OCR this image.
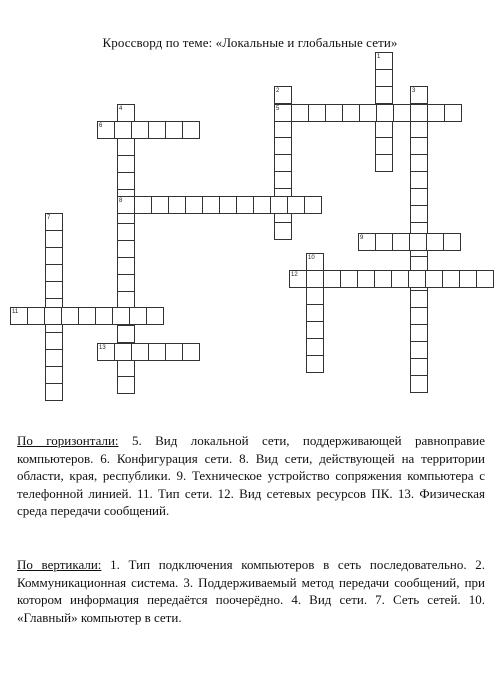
Кроссворд по теме: «Локальные и глобальные сети»
1
2	3
4	5
6
7
8
9
10
11
12
13
По горизонтали: 5. Вид локальной сети, поддерживающей равноправие компьютеров. 6. Конфигурация сети. 8. Вид сети, действующей на территории области, края, республики. 9. Техническое устройство сопряжения компьютера с телефонной линией. 11. Тип сети. 12. Вид сетевых ресурсов ПК. 13. Физическая среда передачи сообщений.
По вертикали: 1. Тип подключения компьютеров в сеть последовательно. 2. Коммуникационная система. 3. Поддерживаемый метод передачи сообщений, при котором информация передаётся поочерёдно. 4. Вид сети. 7. Сеть сетей. 10. «Главный» компьютер в сети.
